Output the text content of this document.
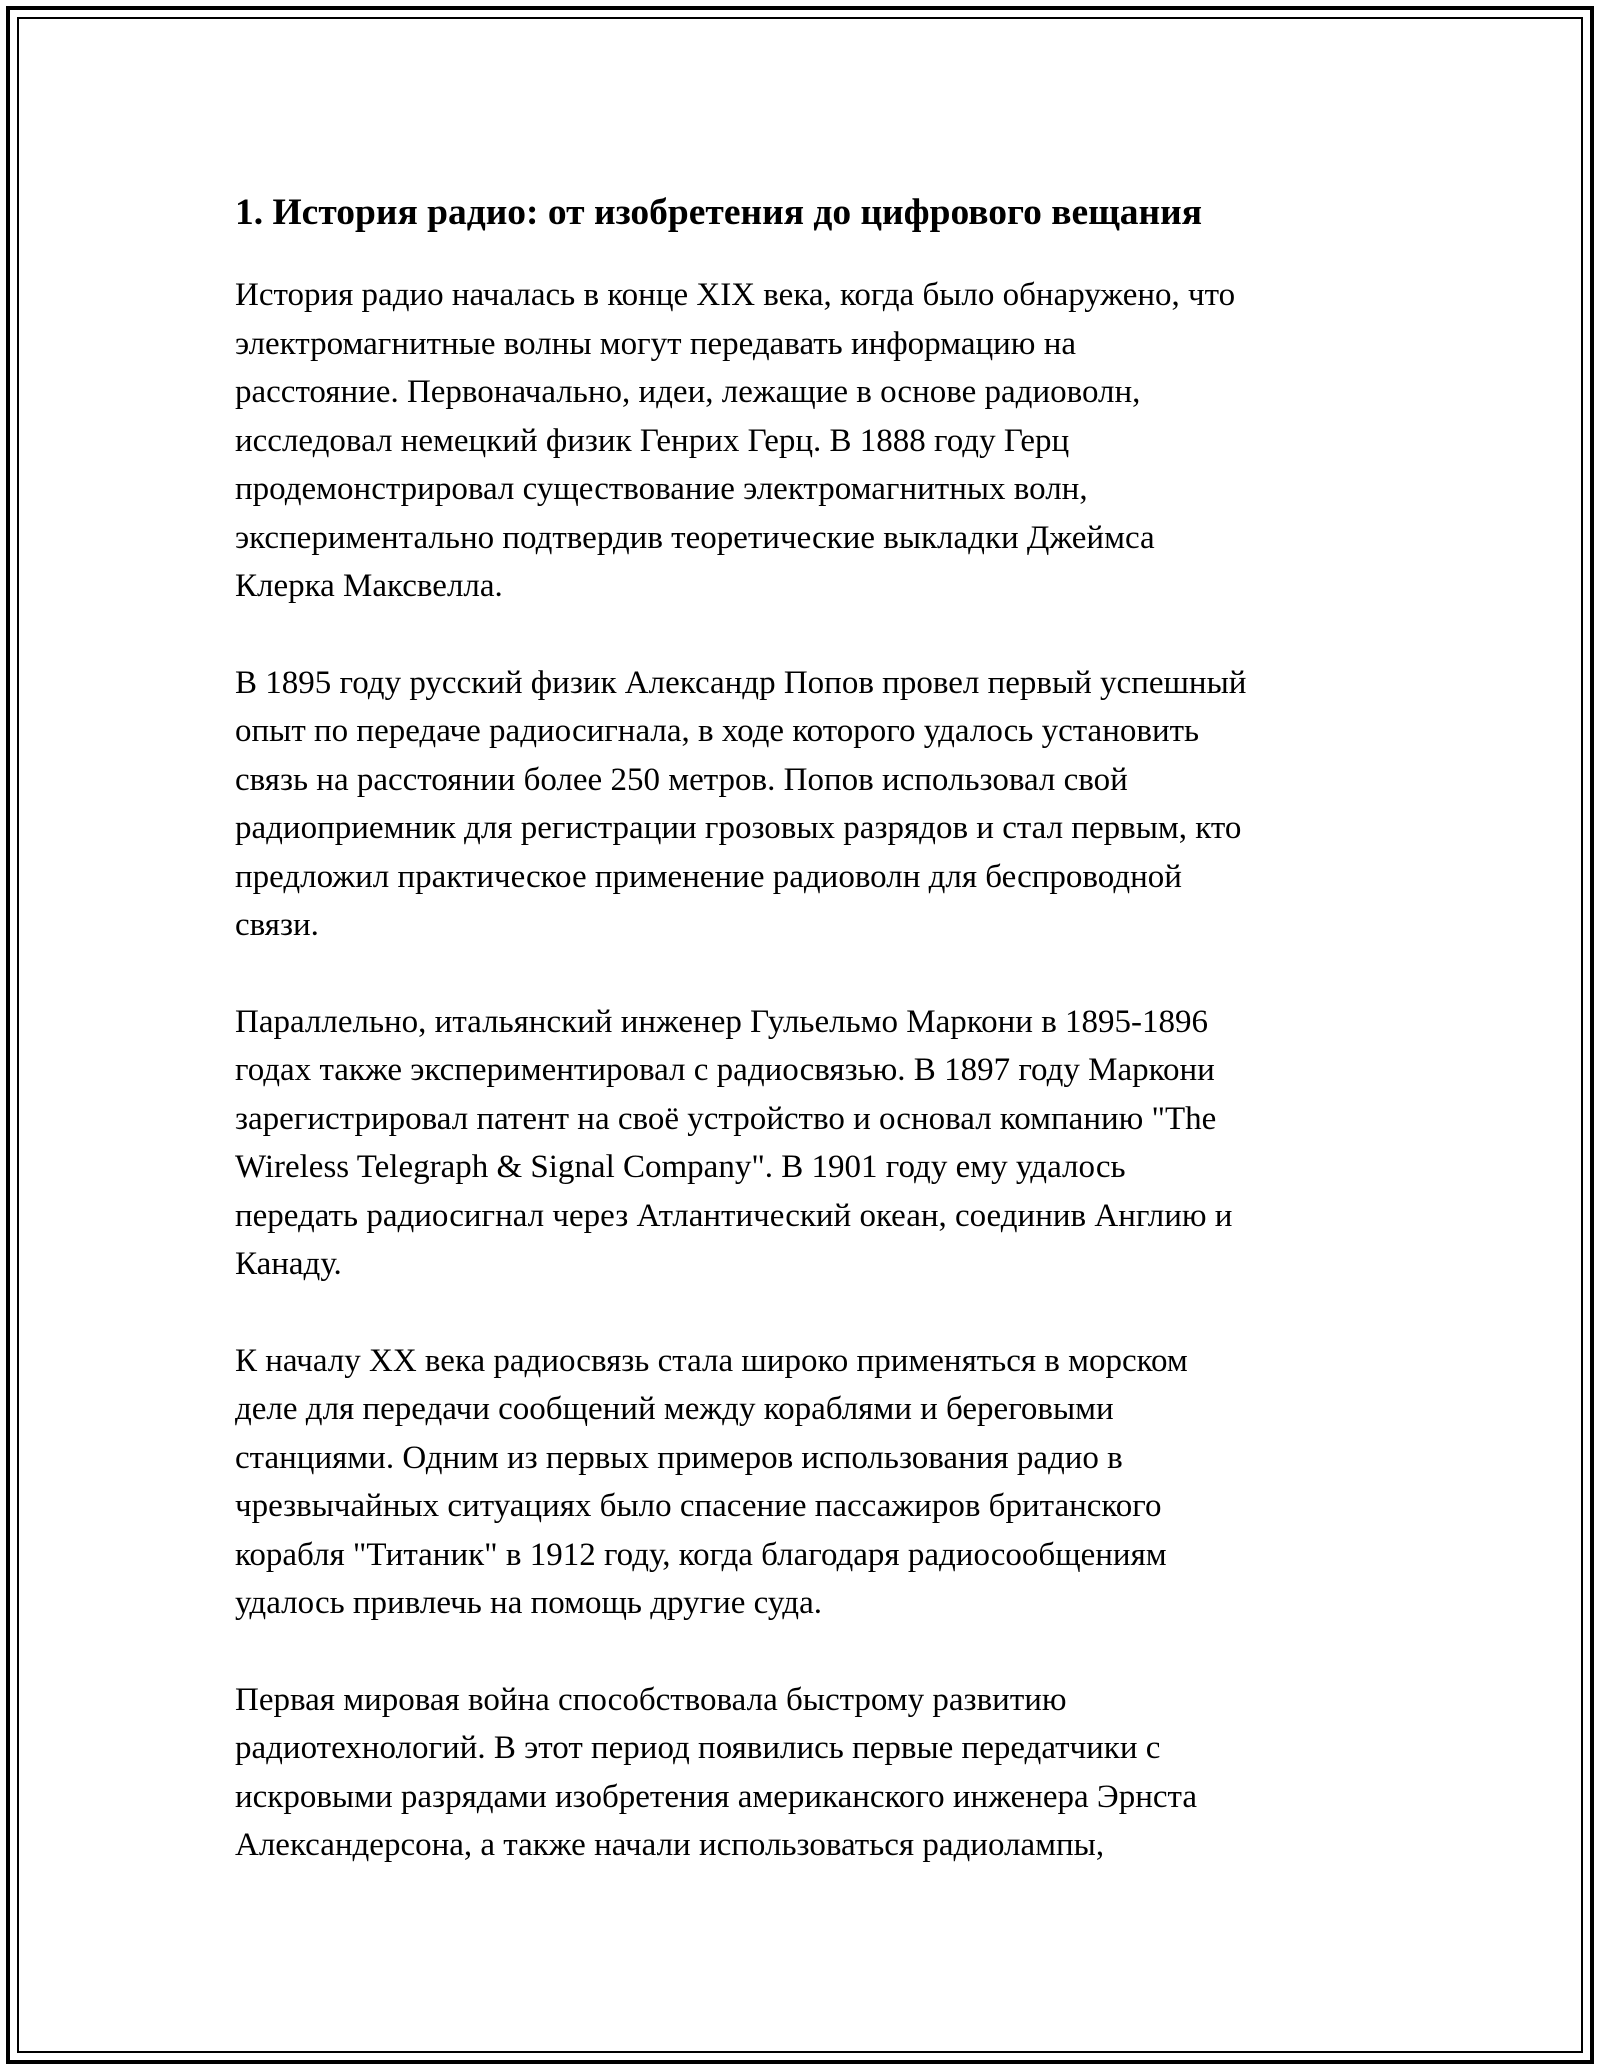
1. История радио: от изобретения до цифрового вещания

История радио началась в конце XIX века, когда было обнаружено, что
электромагнитные волны могут передавать информацию на
расстояние. Первоначально, идеи, лежащие в основе радиоволн,
исследовал немецкий физик Генрих Герц. В 1888 году Герц
продемонстрировал существование электромагнитных волн,
экспериментально подтвердив теоретические выкладки Джеймса
Клерка Максвелла.

В 1895 году русский физик Александр Попов провел первый успешный
опыт по передаче радиосигнала, в ходе которого удалось установить
связь на расстоянии более 250 метров. Попов использовал свой
радиоприемник для регистрации грозовых разрядов и стал первым, кто
предложил практическое применение радиоволн для беспроводной
связи.

Параллельно, итальянский инженер Гульельмо Маркони в 1895-1896
годах также экспериментировал с радиосвязью. В 1897 году Маркони
зарегистрировал патент на своё устройство и основал компанию "The
Wireless Telegraph & Signal Company". В 1901 году ему удалось
передать радиосигнал через Атлантический океан, соединив Англию и
Канаду.

К началу XX века радиосвязь стала широко применяться в морском
деле для передачи сообщений между кораблями и береговыми
станциями. Одним из первых примеров использования радио в
чрезвычайных ситуациях было спасение пассажиров британского
корабля "Титаник" в 1912 году, когда благодаря радиосообщениям
удалось привлечь на помощь другие суда.

Первая мировая война способствовала быстрому развитию
радиотехнологий. В этот период появились первые передатчики с
искровыми разрядами изобретения американского инженера Эрнста
Александерсона, а также начали использоваться радиолампы,
